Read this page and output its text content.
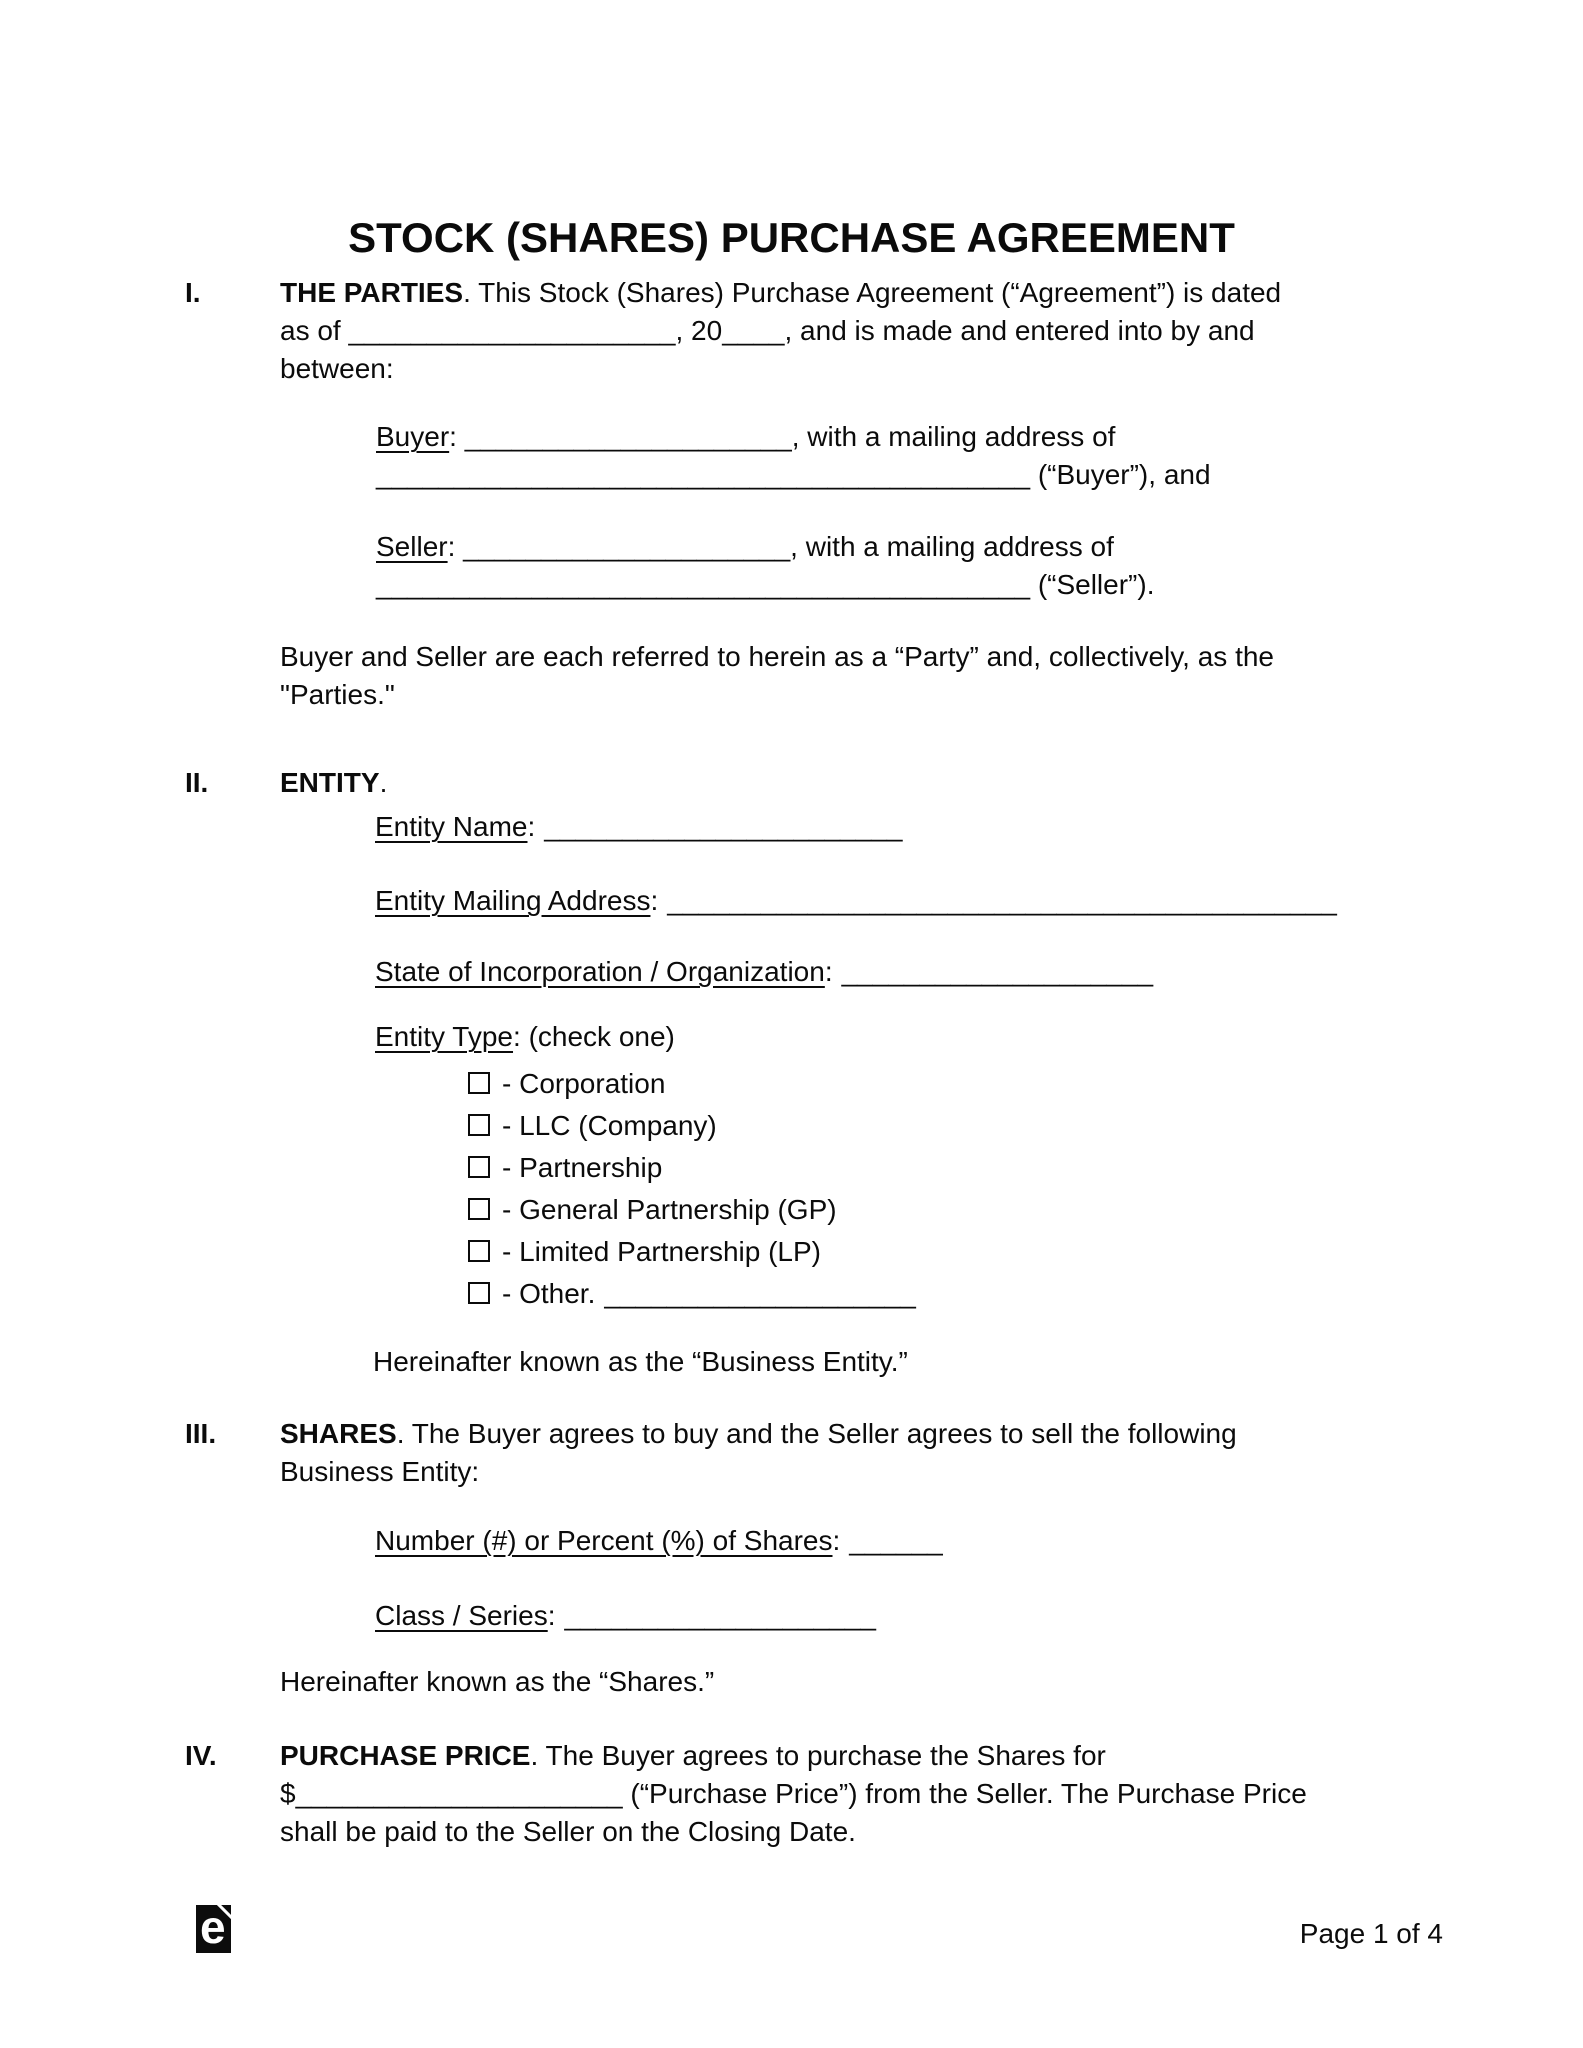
STOCK (SHARES) PURCHASE AGREEMENT
I.	THE PARTIES. This Stock (Shares) Purchase Agreement (“Agreement”) is dated
as of _____________________, 20____, and is made and entered into by and
between:
Buyer: _____________________, with a mailing address of
__________________________________________ (“Buyer”), and
Seller: _____________________, with a mailing address of
__________________________________________ (“Seller”).
Buyer and Seller are each referred to herein as a “Party” and, collectively, as the
"Parties."
II.	ENTITY.
Entity Name: _______________________
Entity Mailing Address: ___________________________________________
State of Incorporation / Organization: ____________________
Entity Type: (check one)
- Corporation
- LLC (Company)
- Partnership
- General Partnership (GP)
- Limited Partnership (LP)
- Other. ____________________
Hereinafter known as the “Business Entity.”
III. SHARES. The Buyer agrees to buy and the Seller agrees to sell the following
Business Entity:
Number (#) or Percent (%) of Shares: ______
Class / Series: ____________________
Hereinafter known as the “Shares.”
IV. PURCHASE PRICE. The Buyer agrees to purchase the Shares for
$_____________________ (“Purchase Price”) from the Seller. The Purchase Price
shall be paid to the Seller on the Closing Date.
e	Page 1 of 4
